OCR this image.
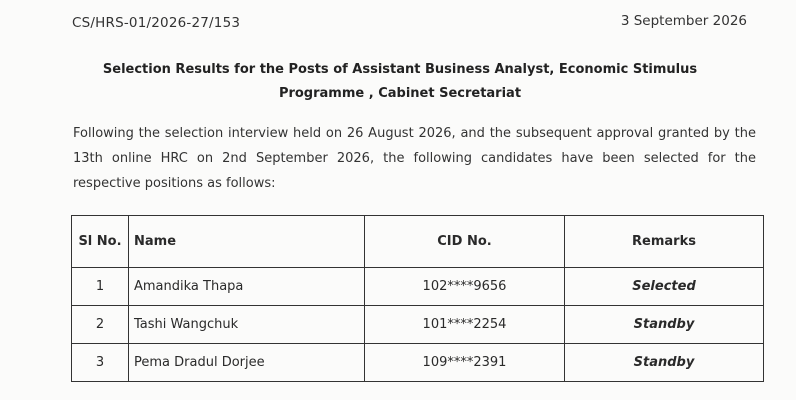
CS/HRS-01/2026-27/153	3 September 2026
Selection Results for the Posts of Assistant Business Analyst, Economic Stimulus
Programme , Cabinet Secretariat
Following the selection interview held on 26 August 2026, and the subsequent approval granted by the 13th online HRC on 2nd September 2026, the following candidates have been selected for the respective positions as follows:
Sl No.	Name	CID No.	Remarks
1	Amandika Thapa	102****9656	Selected
2	Tashi Wangchuk	101****2254	Standby
3	Pema Dradul Dorjee	109****2391	Standby
